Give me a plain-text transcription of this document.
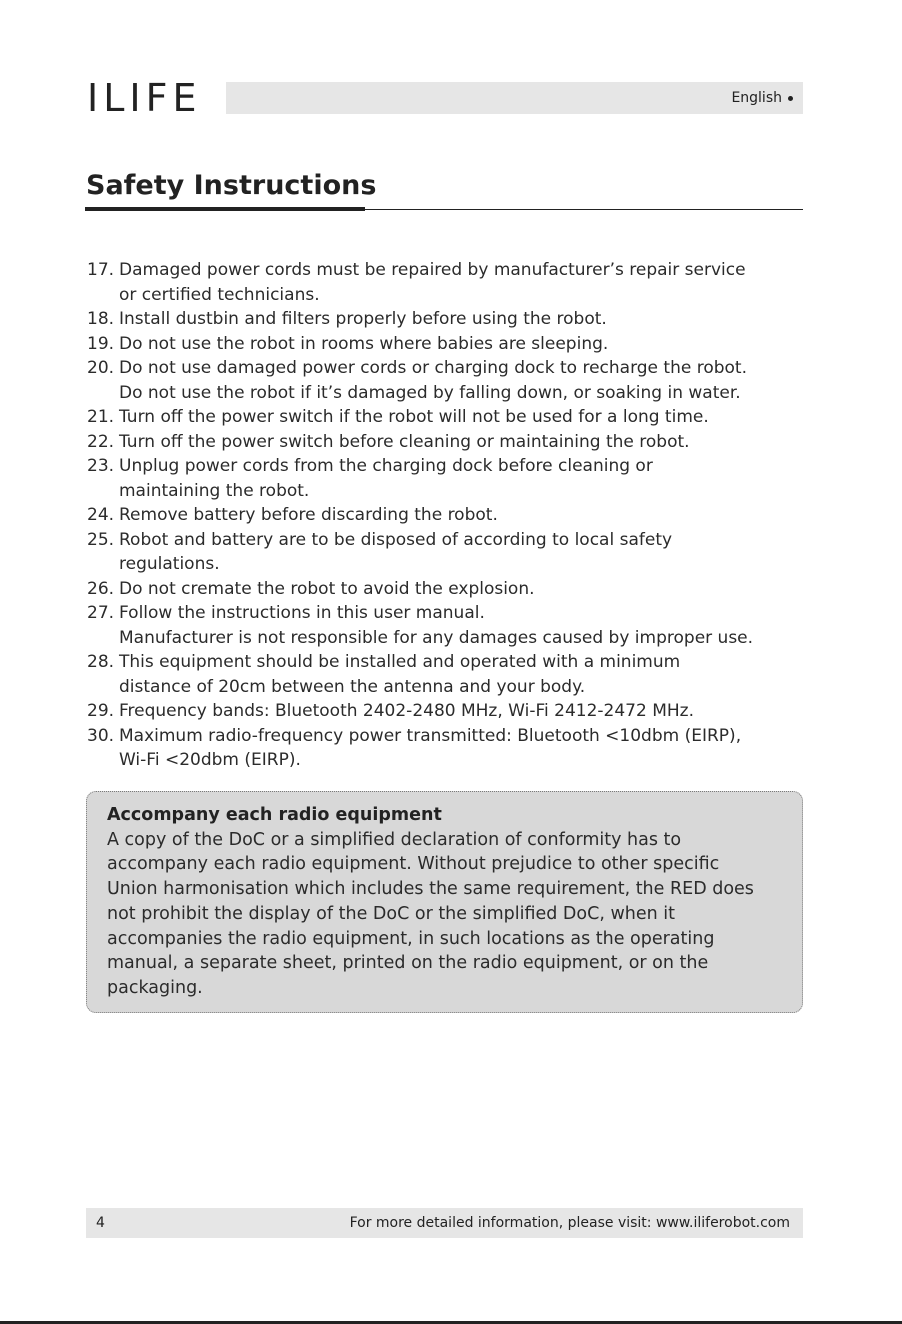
ILIFE	English
Safety Instructions
17. Damaged power cords must be repaired by manufacturer’s repair service
or certified technicians.
18. Install dustbin and filters properly before using the robot.
19. Do not use the robot in rooms where babies are sleeping.
20. Do not use damaged power cords or charging dock to recharge the robot.
Do not use the robot if it’s damaged by falling down, or soaking in water.
21. Turn off the power switch if the robot will not be used for a long time.
22. Turn off the power switch before cleaning or maintaining the robot.
23. Unplug power cords from the charging dock before cleaning or
maintaining the robot.
24. Remove battery before discarding the robot.
25. Robot and battery are to be disposed of according to local safety
regulations.
26. Do not cremate the robot to avoid the explosion.
27. Follow the instructions in this user manual.
Manufacturer is not responsible for any damages caused by improper use.
28. This equipment should be installed and operated with a minimum
distance of 20cm between the antenna and your body.
29. Frequency bands: Bluetooth 2402-2480 MHz, Wi-Fi 2412-2472 MHz.
30. Maximum radio-frequency power transmitted: Bluetooth <10dbm (EIRP),
Wi-Fi <20dbm (EIRP).

Accompany each radio equipment

A copy of the DoC or a simplified declaration of conformity has to
accompany each radio equipment. Without prejudice to other specific
Union harmonisation which includes the same requirement, the RED does
not prohibit the display of the DoC or the simplified DoC, when it
accompanies the radio equipment, in such locations as the operating
manual, a separate sheet, printed on the radio equipment, or on the
packaging.

4	For more detailed information, please visit: www.iliferobot.com
